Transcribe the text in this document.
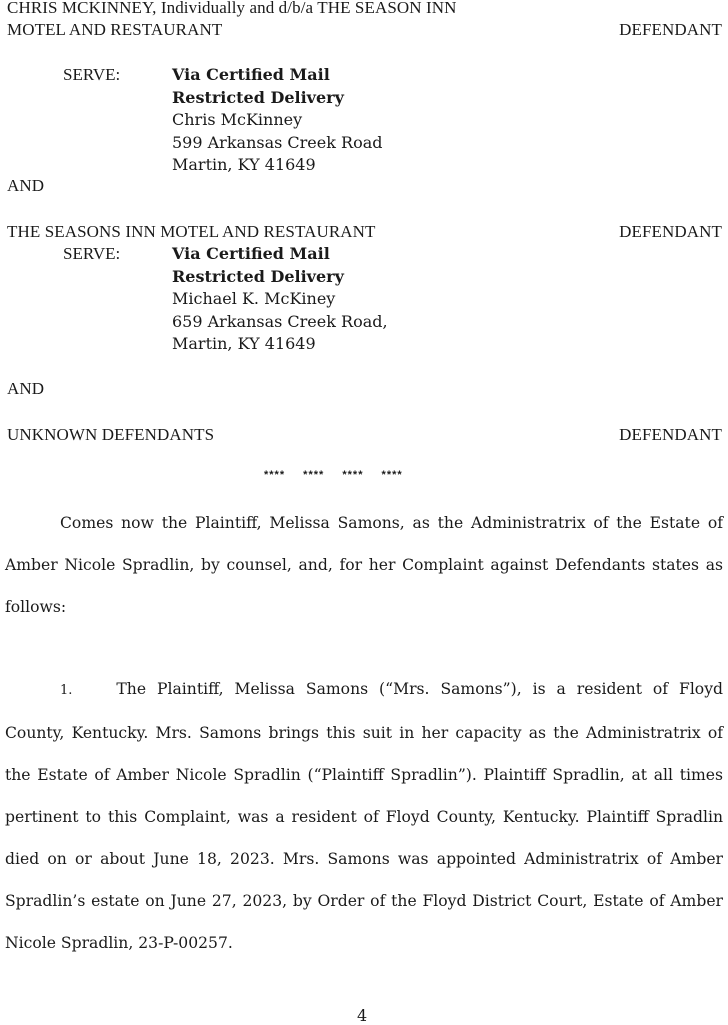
CHRIS MCKINNEY, Individually and d/b/a THE SEASON INN
MOTEL AND RESTAURANT	DEFENDANT
SERVE:	Via Certified Mail
Restricted Delivery
Chris McKinney
599 Arkansas Creek Road
Martin, KY 41649
AND
THE SEASONS INN MOTEL AND RESTAURANT	DEFENDANT
SERVE:	Via Certified Mail
Restricted Delivery
Michael K. McKiney
659 Arkansas Creek Road,
Martin, KY 41649
AND
UNKNOWN DEFENDANTS	DEFENDANT
**** **** **** ****
Comes now the Plaintiff, Melissa Samons, as the Administratrix of the Estate of Amber Nicole Spradlin, by counsel, and, for her Complaint against Defendants states as follows:
1.	The Plaintiff, Melissa Samons (“Mrs. Samons”), is a resident of Floyd County, Kentucky. Mrs. Samons brings this suit in her capacity as the Administratrix of the Estate of Amber Nicole Spradlin (“Plaintiff Spradlin”). Plaintiff Spradlin, at all times pertinent to this Complaint, was a resident of Floyd County, Kentucky. Plaintiff Spradlin died on or about June 18, 2023. Mrs. Samons was appointed Administratrix of Amber Spradlin’s estate on June 27, 2023, by Order of the Floyd District Court, Estate of Amber Nicole Spradlin, 23-P-00257.
4
